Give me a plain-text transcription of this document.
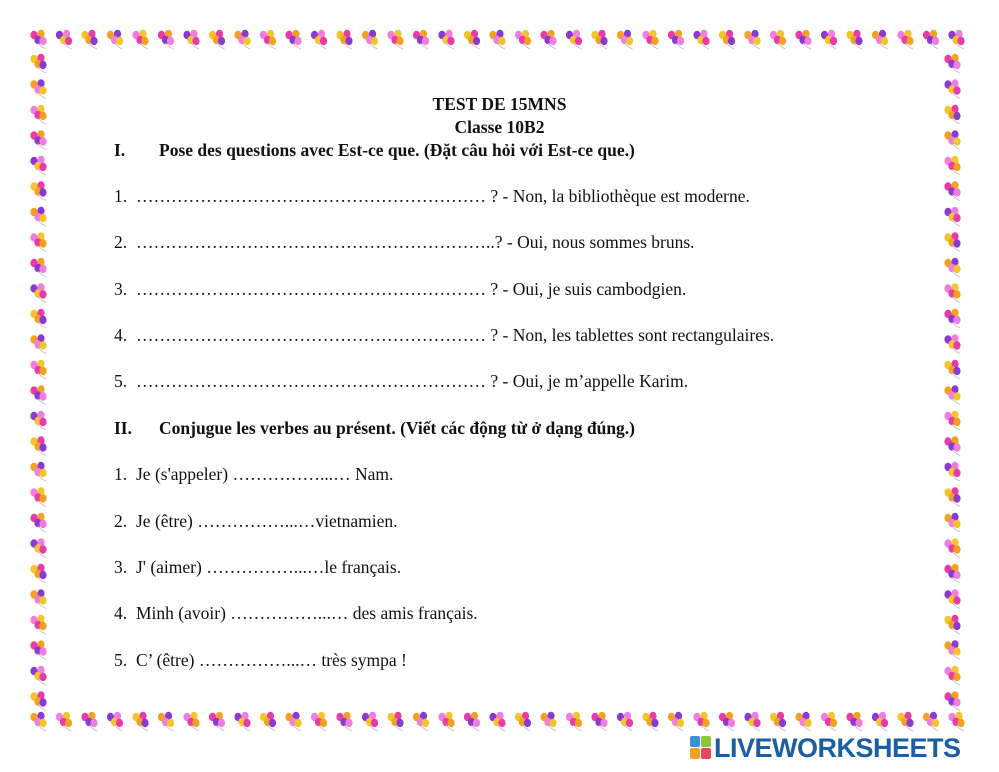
TEST DE 15MNS
Classe 10B2
I. Pose des questions avec Est-ce que. (Đặt câu hỏi với Est-ce que.)
1. …………………………………………………… ? - Non, la bibliothèque est moderne.
2. ……………………………………………………..? - Oui, nous sommes bruns.
3. …………………………………………………… ? - Oui, je suis cambodgien.
4. …………………………………………………… ? - Non, les tablettes sont rectangulaires.
5. …………………………………………………… ? - Oui, je m’appelle Karim.
II. Conjugue les verbes au présent. (Viết các động từ ở dạng đúng.)
1. Je (s'appeler) ……………...… Nam.
2. Je (être) ……………...…vietnamien.
3. J' (aimer) ……………...…le français.
4. Minh (avoir) ……………...… des amis français.
5. C’ (être) ……………...… très sympa !
LIVEWORKSHEETS
